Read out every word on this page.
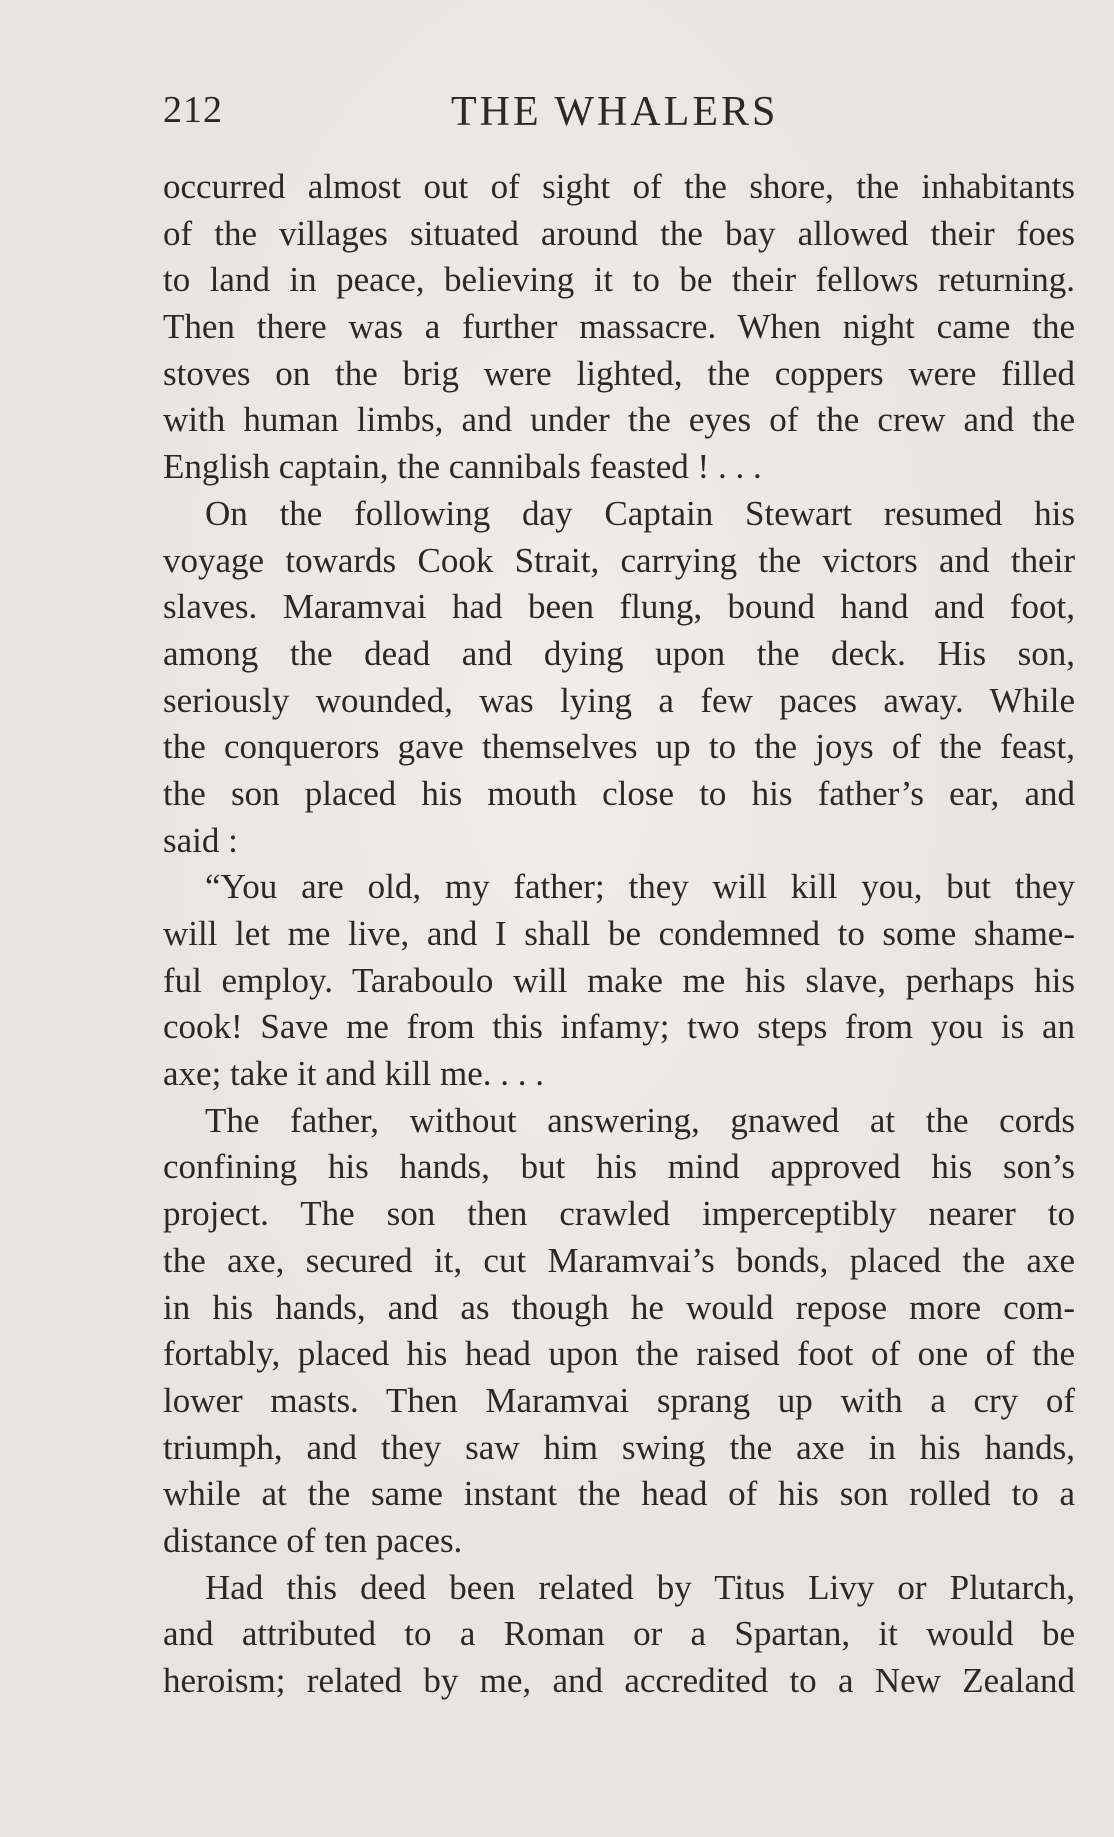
212	THE WHALERS
occurred almost out of sight of the shore, the inhabitants
of the villages situated around the bay allowed their foes
to land in peace, believing it to be their fellows returning.
Then there was a further massacre. When night came the
stoves on the brig were lighted, the coppers were filled
with human limbs, and under the eyes of the crew and the
English captain, the cannibals feasted ! . . .
On the following day Captain Stewart resumed his
voyage towards Cook Strait, carrying the victors and their
slaves. Maramvai had been flung, bound hand and foot,
among the dead and dying upon the deck. His son,
seriously wounded, was lying a few paces away. While
the conquerors gave themselves up to the joys of the feast,
the son placed his mouth close to his father’s ear, and
said :
“You are old, my father; they will kill you, but they
will let me live, and I shall be condemned to some shame-
ful employ. Taraboulo will make me his slave, perhaps his
cook! Save me from this infamy; two steps from you is an
axe; take it and kill me. . . .
The father, without answering, gnawed at the cords
confining his hands, but his mind approved his son’s
project. The son then crawled imperceptibly nearer to
the axe, secured it, cut Maramvai’s bonds, placed the axe
in his hands, and as though he would repose more com-
fortably, placed his head upon the raised foot of one of the
lower masts. Then Maramvai sprang up with a cry of
triumph, and they saw him swing the axe in his hands,
while at the same instant the head of his son rolled to a
distance of ten paces.
Had this deed been related by Titus Livy or Plutarch,
and attributed to a Roman or a Spartan, it would be
heroism; related by me, and accredited to a New Zealand
